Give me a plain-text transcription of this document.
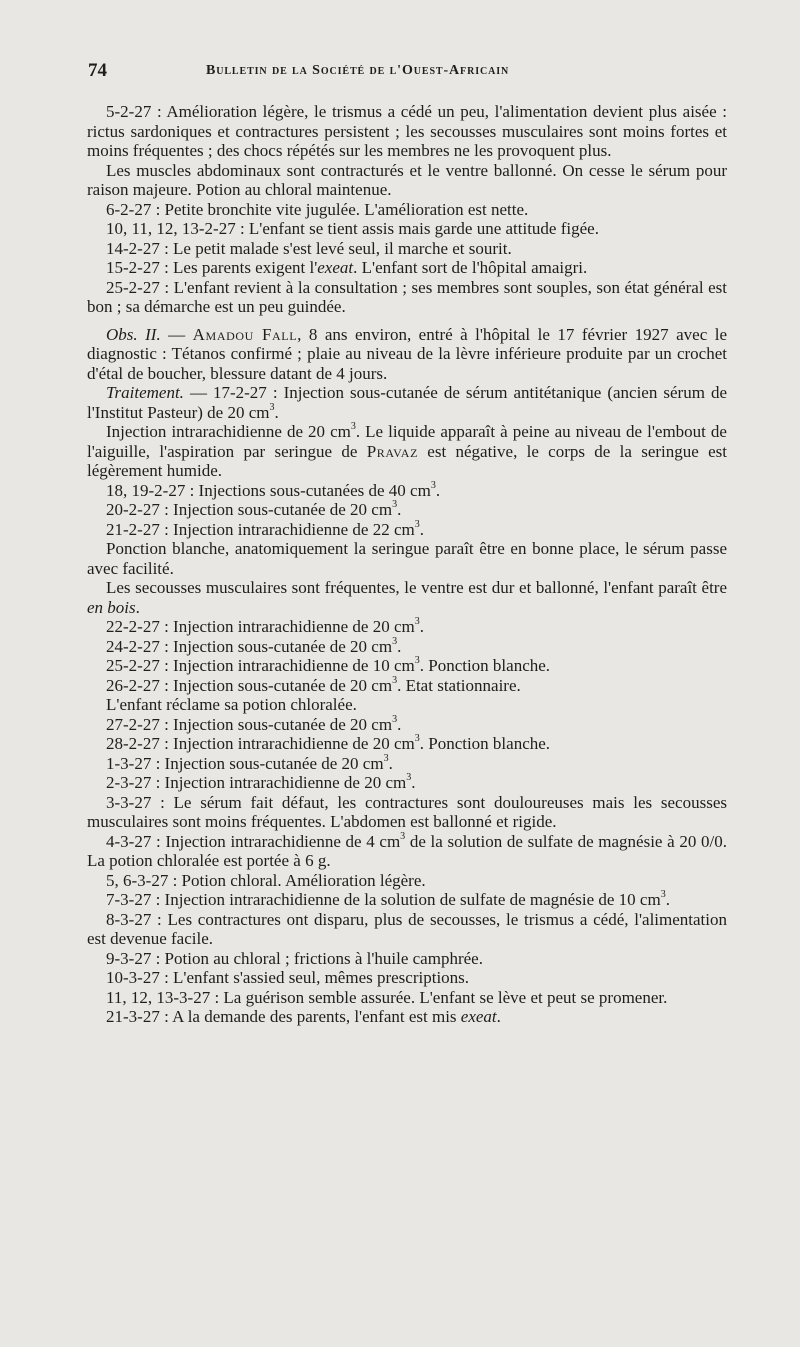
74	Bulletin de la Société de l'Ouest-Africain

5-2-27 : Amélioration légère, le trismus a cédé un peu, l'alimentation devient plus aisée : rictus sardoniques et contractures persistent ; les secousses musculaires sont moins fortes et moins fréquentes ; des chocs répétés sur les membres ne les provoquent plus.

Les muscles abdominaux sont contracturés et le ventre ballonné. On cesse le sérum pour raison majeure. Potion au chloral maintenue.

6-2-27 : Petite bronchite vite jugulée. L'amélioration est nette.

10, 11, 12, 13-2-27 : L'enfant se tient assis mais garde une attitude figée.

14-2-27 : Le petit malade s'est levé seul, il marche et sourit.

15-2-27 : Les parents exigent l'exeat. L'enfant sort de l'hôpital amaigri.

25-2-27 : L'enfant revient à la consultation ; ses membres sont souples, son état général est bon ; sa démarche est un peu guindée.

Obs. II. — Amadou Fall, 8 ans environ, entré à l'hôpital le 17 février 1927 avec le diagnostic : Tétanos confirmé ; plaie au niveau de la lèvre inférieure produite par un crochet d'étal de boucher, blessure datant de 4 jours.

Traitement. — 17-2-27 : Injection sous-cutanée de sérum antitétanique (ancien sérum de l'Institut Pasteur) de 20 $cm^3$.

Injection intrarachidienne de 20 $cm^3$. Le liquide apparaît à peine au niveau de l'embout de l'aiguille, l'aspiration par seringue de Pravaz est négative, le corps de la seringue est légèrement humide.

18, 19-2-27 : Injections sous-cutanées de 40 $cm^3$.

20-2-27 : Injection sous-cutanée de 20 $cm^3$.

21-2-27 : Injection intrarachidienne de 22 $cm^3$.

Ponction blanche, anatomiquement la seringue paraît être en bonne place, le sérum passe avec facilité.

Les secousses musculaires sont fréquentes, le ventre est dur et ballonné, l'enfant paraît être en bois.

22-2-27 : Injection intrarachidienne de 20 $cm^3$.

24-2-27 : Injection sous-cutanée de 20 $cm^3$.

25-2-27 : Injection intrarachidienne de 10 $cm^3$. Ponction blanche.

26-2-27 : Injection sous-cutanée de 20 $cm^3$. Etat stationnaire.

L'enfant réclame sa potion chloralée.

27-2-27 : Injection sous-cutanée de 20 $cm^3$.

28-2-27 : Injection intrarachidienne de 20 $cm^3$. Ponction blanche.

1-3-27 : Injection sous-cutanée de 20 $cm^3$.

2-3-27 : Injection intrarachidienne de 20 $cm^3$.

3-3-27 : Le sérum fait défaut, les contractures sont douloureuses mais les secousses musculaires sont moins fréquentes. L'abdomen est ballonné et rigide.

4-3-27 : Injection intrarachidienne de 4 $cm^3$ de la solution de sulfate de magnésie à 20 0/0. La potion chloralée est portée à 6 g.

5, 6-3-27 : Potion chloral. Amélioration légère.

7-3-27 : Injection intrarachidienne de la solution de sulfate de magnésie de 10 $cm^3$.

8-3-27 : Les contractures ont disparu, plus de secousses, le trismus a cédé, l'alimentation est devenue facile.

9-3-27 : Potion au chloral ; frictions à l'huile camphrée.

10-3-27 : L'enfant s'assied seul, mêmes prescriptions.

11, 12, 13-3-27 : La guérison semble assurée. L'enfant se lève et peut se promener.

21-3-27 : A la demande des parents, l'enfant est mis exeat.
